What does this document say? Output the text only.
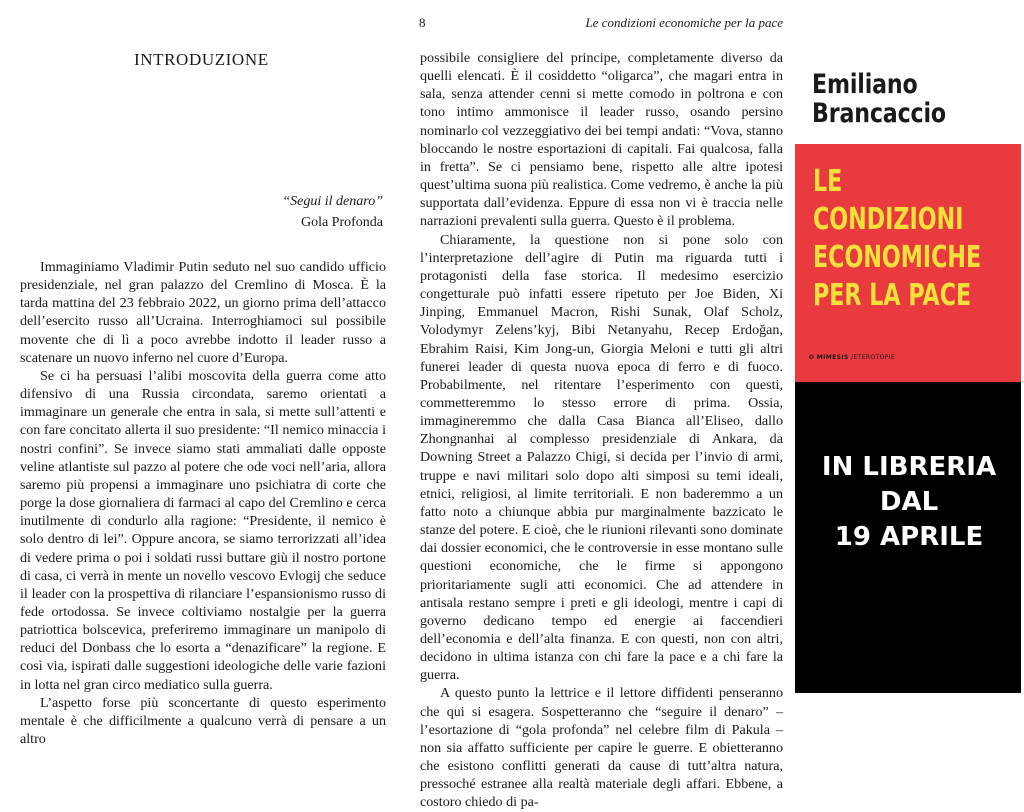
8	Le condizioni economiche per la pace
INTRODUZIONE
“Segui il denaro”
Gola Profonda

Immaginiamo Vladimir Putin seduto nel suo candido ufficio presidenziale, nel gran palazzo del Cremlino di Mosca. È la tarda mattina del 23 febbraio 2022, un giorno prima dell’attacco dell’esercito russo all’Ucraina. Interroghiamoci sul possibile movente che di lì a poco avrebbe indotto il leader russo a scatenare un nuovo inferno nel cuore d’Europa.

Se ci ha persuasi l’alibi moscovita della guerra come atto difensivo di una Russia circondata, saremo orientati a immaginare un generale che entra in sala, si mette sull’attenti e con fare concitato allerta il suo presidente: “Il nemico minaccia i nostri confini”. Se invece siamo stati ammaliati dalle opposte veline atlantiste sul pazzo al potere che ode voci nell’aria, allora saremo più propensi a immaginare uno psichiatra di corte che porge la dose giornaliera di farmaci al capo del Cremlino e cerca inutilmente di condurlo alla ragione: “Presidente, il nemico è solo dentro di lei”. Oppure ancora, se siamo terrorizzati all’idea di vedere prima o poi i soldati russi buttare giù il nostro portone di casa, ci verrà in mente un novello vescovo Evlogij che seduce il leader con la prospettiva di rilanciare l’espansionismo russo di fede ortodossa. Se invece coltiviamo nostalgie per la guerra patriottica bolscevica, preferiremo immaginare un manipolo di reduci del Donbass che lo esorta a “denazificare” la regione. E così via, ispirati dalle suggestioni ideologiche delle varie fazioni in lotta nel gran circo mediatico sulla guerra.

L’aspetto forse più sconcertante di questo esperimento mentale è che difficilmente a qualcuno verrà di pensare a un altro

possibile consigliere del principe, completamente diverso da quelli elencati. È il cosiddetto “oligarca”, che magari entra in sala, senza attender cenni si mette comodo in poltrona e con tono intimo ammonisce il leader russo, osando persino nominarlo col vezzeggiativo dei bei tempi andati: “Vova, stanno bloccando le nostre esportazioni di capitali. Fai qualcosa, falla in fretta”. Se ci pensiamo bene, rispetto alle altre ipotesi quest’ultima suona più realistica. Come vedremo, è anche la più supportata dall’evidenza. Eppure di essa non vi è traccia nelle narrazioni prevalenti sulla guerra. Questo è il problema.

Chiaramente, la questione non si pone solo con l’interpretazione dell’agire di Putin ma riguarda tutti i protagonisti della fase storica. Il medesimo esercizio congetturale può infatti essere ripetuto per Joe Biden, Xi Jinping, Emmanuel Macron, Rishi Sunak, Olaf Scholz, Volodymyr Zelens’kyj, Bibi Netanyahu, Recep Erdoğan, Ebrahim Raisi, Kim Jong-un, Giorgia Meloni e tutti gli altri funerei leader di questa nuova epoca di ferro e di fuoco. Probabilmente, nel ritentare l’esperimento con questi, commetteremmo lo stesso errore di prima. Ossia, immagineremmo che dalla Casa Bianca all’Eliseo, dallo Zhongnanhai al complesso presidenziale di Ankara, da Downing Street a Palazzo Chigi, si decida per l’invio di armi, truppe e navi militari solo dopo alti simposi su temi ideali, etnici, religiosi, al limite territoriali. E non baderemmo a un fatto noto a chiunque abbia pur marginalmente bazzicato le stanze del potere. E cioè, che le riunioni rilevanti sono dominate dai dossier economici, che le controversie in esse montano sulle questioni economiche, che le firme si appongono prioritariamente sugli atti economici. Che ad attendere in antisala restano sempre i preti e gli ideologi, mentre i capi di governo dedicano tempo ed energie ai faccendieri dell’economia e dell’alta finanza. E con questi, non con altri, decidono in ultima istanza con chi fare la pace e a chi fare la guerra.

A questo punto la lettrice e il lettore diffidenti penseranno che qui si esagera. Sospetteranno che “seguire il denaro” – l’esortazione di “gola profonda” nel celebre film di Pakula – non sia affatto sufficiente per capire le guerre. E obietteranno che esistono conflitti generati da cause di tutt’altra natura, pressoché estranee alla realtà materiale degli affari. Ebbene, a costoro chiedo di pa-

Emiliano
Brancaccio
LE CONDIZIONI
ECONOMICHE
PER LA PACE
❂ MIMESIS /ETEROTOPIE
IN LIBRERIA
DAL
19 APRILE
